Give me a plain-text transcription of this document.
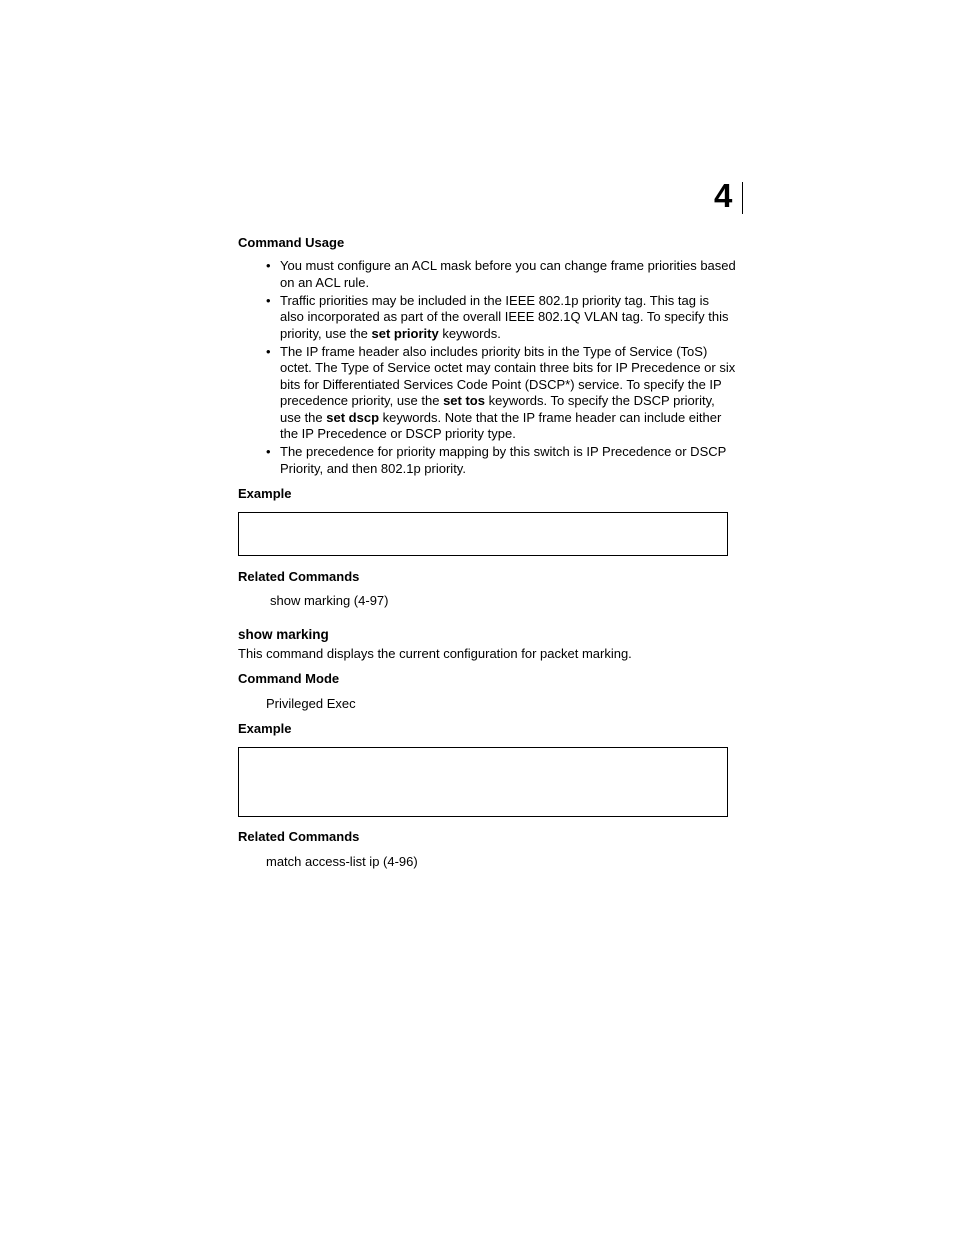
4
Command Usage
• You must configure an ACL mask before you can change frame priorities based on an ACL rule.
• Traffic priorities may be included in the IEEE 802.1p priority tag. This tag is also incorporated as part of the overall IEEE 802.1Q VLAN tag. To specify this priority, use the set priority keywords.
• The IP frame header also includes priority bits in the Type of Service (ToS) octet. The Type of Service octet may contain three bits for IP Precedence or six bits for Differentiated Services Code Point (DSCP*) service. To specify the IP precedence priority, use the set tos keywords. To specify the DSCP priority, use the set dscp keywords. Note that the IP frame header can include either the IP Precedence or DSCP priority type.
• The precedence for priority mapping by this switch is IP Precedence or DSCP Priority, and then 802.1p priority.
Example
Related Commands
show marking (4-97)
show marking
This command displays the current configuration for packet marking.
Command Mode
Privileged Exec
Example
Related Commands
match access-list ip (4-96)
